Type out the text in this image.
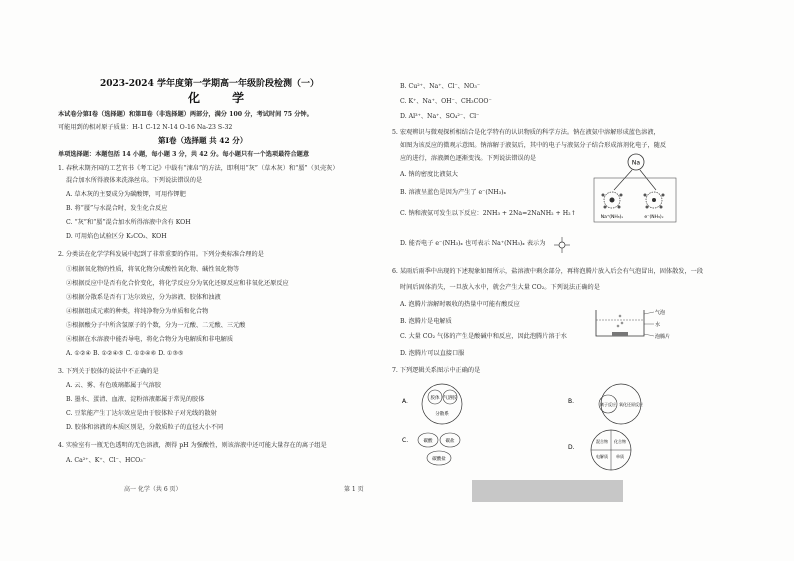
2023-2024 学年度第一学期高一年级阶段检测（一）
化 学
本试卷分第Ⅰ卷（选择题）和第Ⅱ卷（非选择题）两部分，满分 100 分，考试时间 75 分钟。
可能用到的相对原子质量：H-1 C-12 N-14 O-16 Na-23 S-32
第Ⅰ卷（选择题 共 42 分）
单项选择题：本题包括 14 小题，每小题 3 分，共 42 分。每小题只有一个选项最符合题意
1. 春秋末期齐国的工艺官书《考工记》中载有“涑帛”的方法，即利用“灰”（草木灰）和“蜃”（贝壳灰）
混合加水所得液体来洗涤丝帛。下列说法错误的是
A. 草木灰的主要成分为碳酸钾，可用作钾肥
B. 将“蜃”与水混合时，发生化合反应
C. “灰”和“蜃”混合加水所得溶液中含有 KOH
D. 可用焰色试验区分 K₂CO₃、KOH
2. 分类法在化学学科发展中起到了非常重要的作用。下列分类标准合理的是
①根据氧化物的性质，将氧化物分成酸性氧化物、碱性氧化物等
②根据反应中是否有化合价变化，将化学反应分为氧化还原反应和非氧化还原反应
③根据分散系是否有丁达尔效应，分为溶液、胶体和浊液
④根据组成元素的种类，将纯净物分为单质和化合物
⑤根据酸分子中所含氢原子的个数，分为一元酸、二元酸、三元酸
⑥根据在水溶液中能否导电，将化合物分为电解质和非电解质
A. ①②④ B. ①②④⑤ C. ①②④⑥ D. ①③⑤
3. 下列关于胶体的说法中不正确的是
A. 云、雾、有色玻璃都属于气溶胶
B. 墨水、蛋清、血液、淀粉溶液都属于常见的胶体
C. 豆浆能产生丁达尔效应是由于胶体粒子对光线的散射
D. 胶体和溶液的本质区别是，分散质粒子的直径大小不同
4. 实验室有一瓶无色透明的无色溶液，测得 pH 为强酸性，则该溶液中还可能大量存在的离子组是
A. Ca²⁺、K⁺、Cl⁻、HCO₃⁻
高一 化学（共 6 页）	第 1 页
B. Cu²⁺、Na⁺、Cl⁻、NO₃⁻
C. K⁺、Na⁺、OH⁻、CH₃COO⁻
D. Al³⁺、Na⁺、SO₄²⁻、Cl⁻
5. 宏观辨识与微观探析相结合是化学特有的认识物质的科学方法。钠在液氨中溶解形成蓝色溶液，
如图为该反应的微观示意图。钠溶解于液氨后，其中的电子与液氨分子结合形成溶剂化电子，随反
应的进行，溶液颜色逐渐变浅。下列说法错误的是
A. 钠的密度比液氨大
B. 溶液呈蓝色是因为产生了 e⁻(NH₃)ₓ
C. 钠和液氨可发生以下反应：2NH₃ + 2Na=2NaNH₂ + H₂↑
D. 能否电子 e⁻(NH₃)ₓ 也可表示 Na⁺(NH₃)ₓ 表示为
Na
Na⁺(NH₃)ₓ	e⁻(NH₃)ₓ
6. 某雨后雨季中出现的下述现象如图所示，盐溶液中剩余部分，再将泡腾片放入后会有气泡冒出，固体散发，一段
时间后固体消失，一旦放入水中，就会产生大量 CO₂。下列说法正确的是
A. 泡腾片溶解时吸收的热量中可能有酸反应
B. 泡腾片是电解质
C. 大量 CO₂ 气体的产生是酸碱中和反应，因此泡腾片溶于水
D. 泡腾片可以直接口服
气泡
水
泡腾片
7. 下列逻辑关系图示中正确的是
A.	胶体 气溶胶
分散系
B.	离子反应 氧化还原反应
C.	碳酸	碳盐
碳酸盐
D.
混合物
电解质
化合物
单质
